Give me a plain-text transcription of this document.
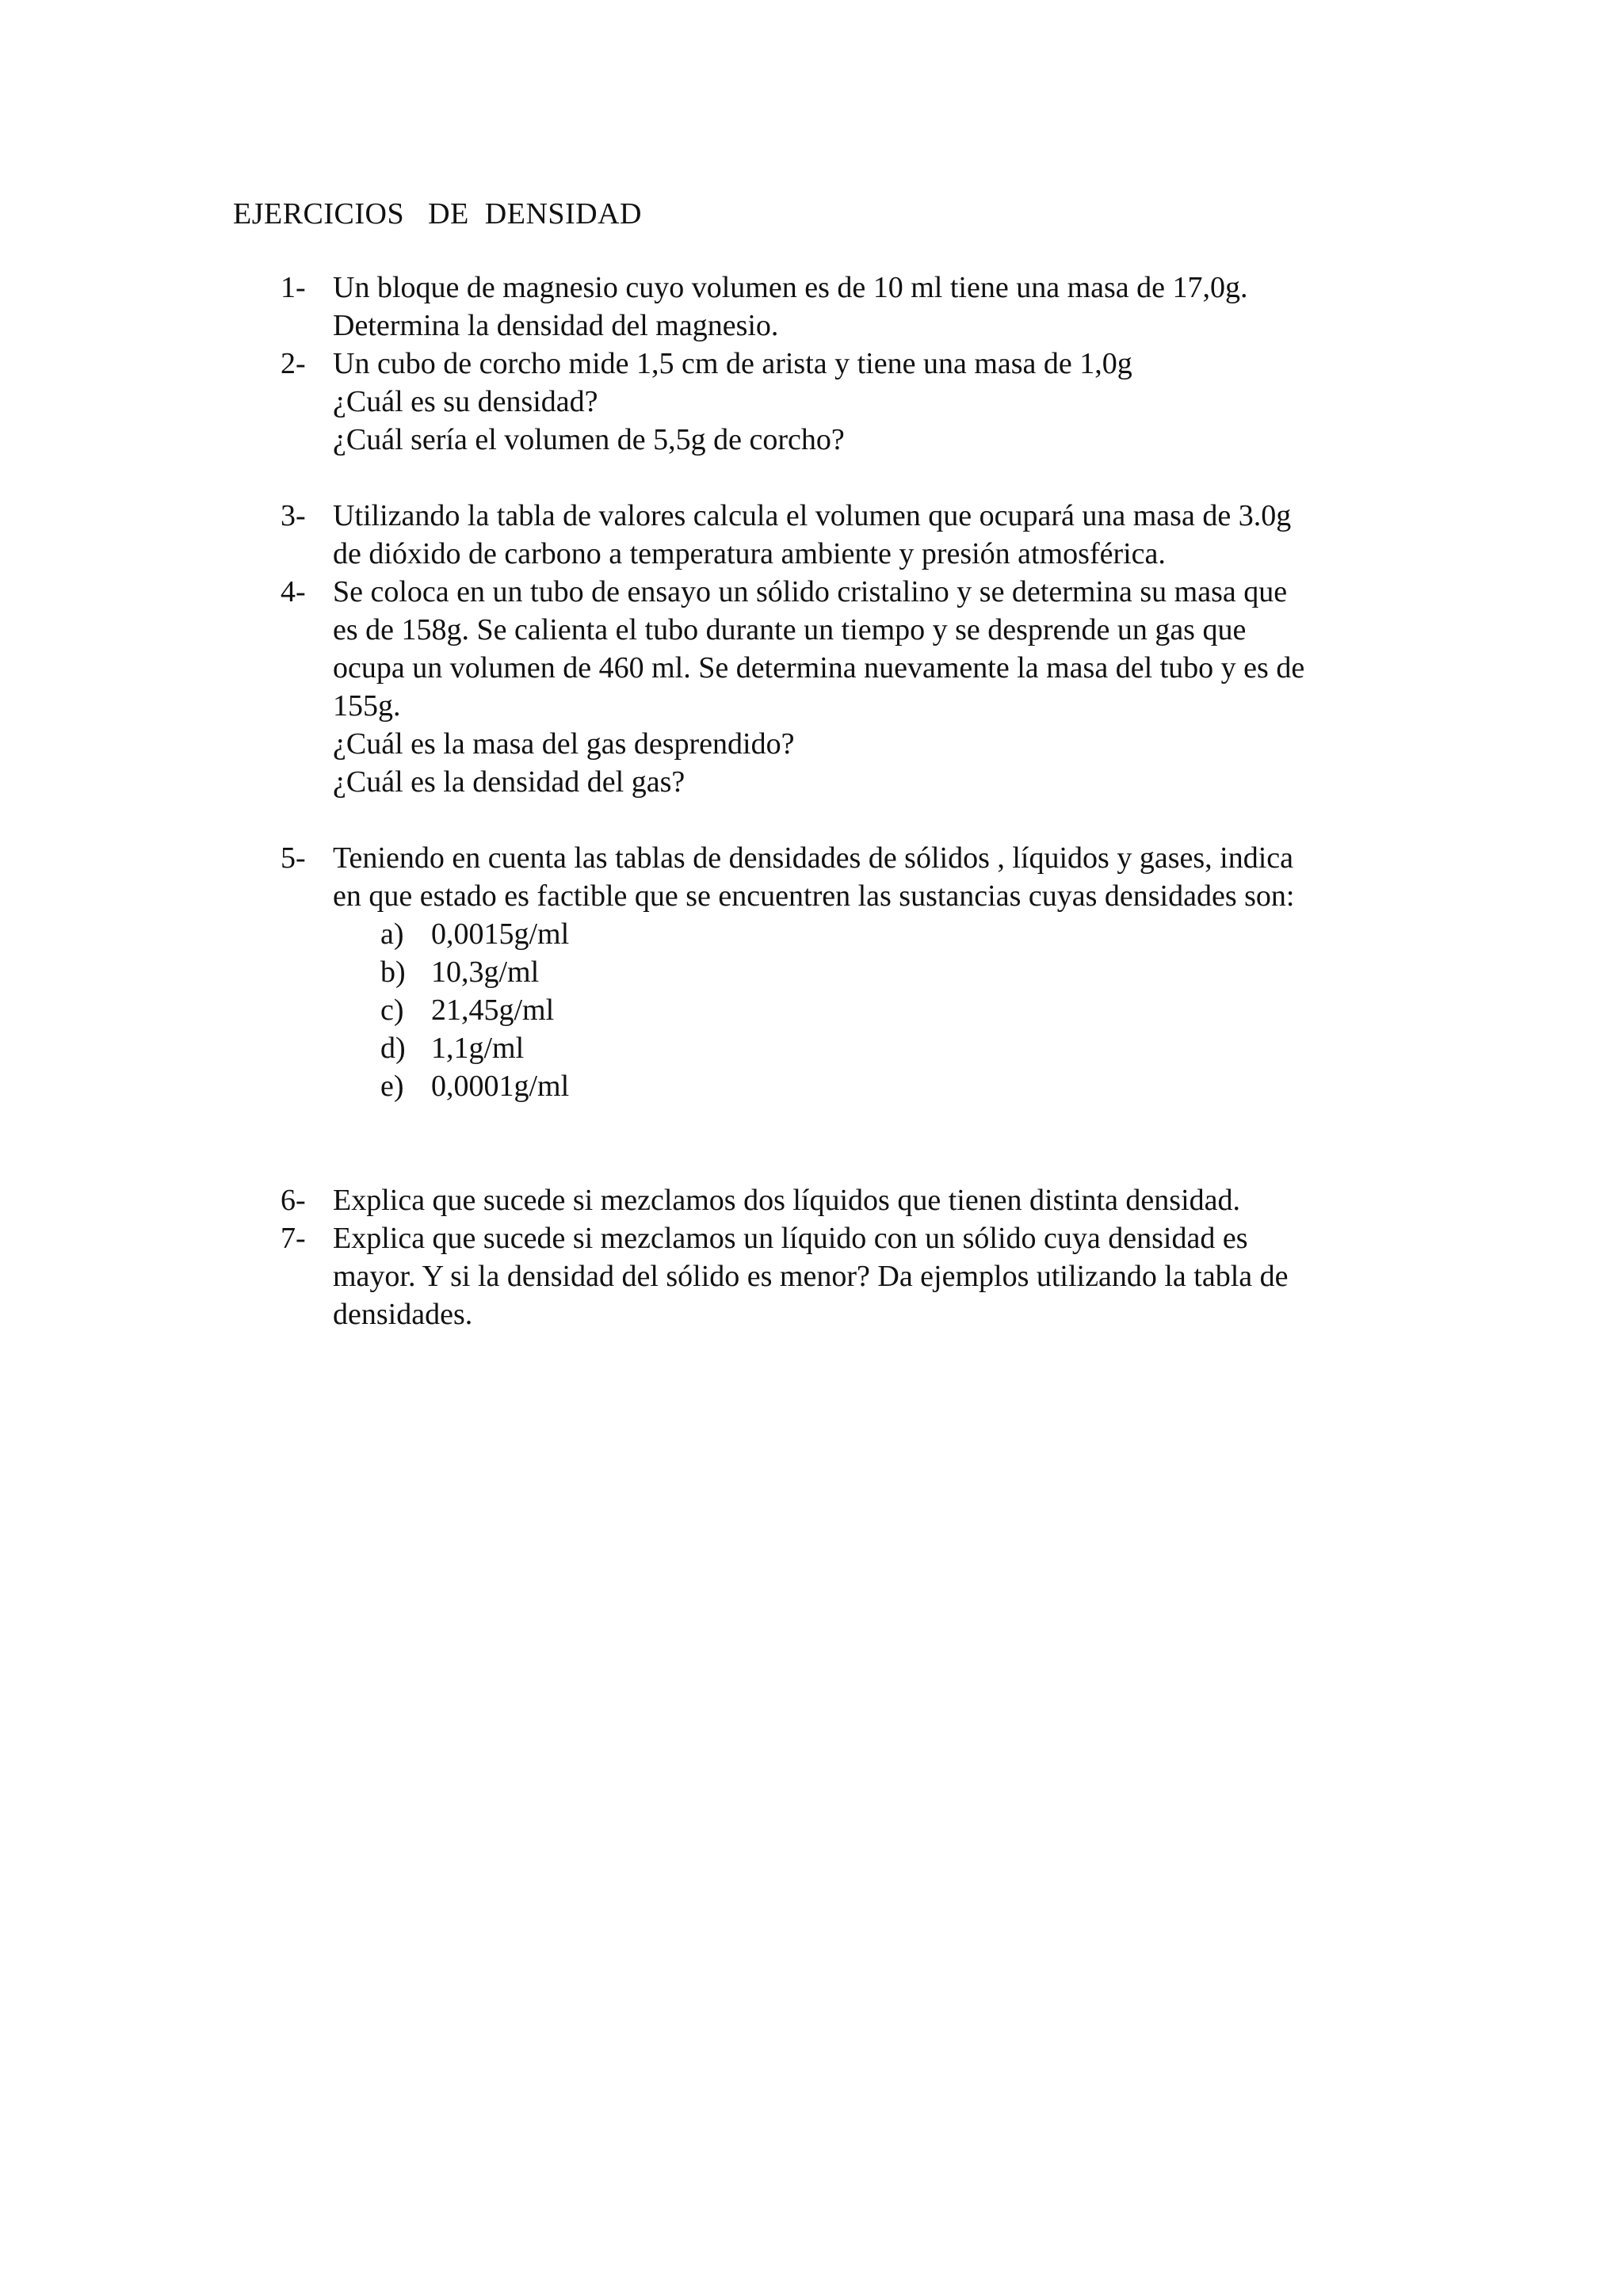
EJERCICIOS   DE  DENSIDAD
1- Un bloque de magnesio cuyo volumen es de 10 ml tiene una masa de 17,0g.
Determina la densidad del magnesio.
2- Un cubo de corcho mide 1,5 cm de arista y tiene una masa de 1,0g
¿Cuál es su densidad?
¿Cuál sería el volumen de 5,5g de corcho?
3- Utilizando la tabla de valores calcula el volumen que ocupará una masa de 3.0g
de dióxido de carbono a temperatura ambiente y presión atmosférica.
4- Se coloca en un tubo de ensayo un sólido cristalino y se determina su masa que
es de 158g. Se calienta el tubo durante un tiempo y se desprende un gas que
ocupa un volumen de 460 ml. Se determina nuevamente la masa del tubo y es de
155g.
¿Cuál es la masa del gas desprendido?
¿Cuál es la densidad del gas?
5- Teniendo en cuenta las tablas de densidades de sólidos , líquidos y gases, indica
en que estado es factible que se encuentren las sustancias cuyas densidades son:
a) 0,0015g/ml
b) 10,3g/ml
c) 21,45g/ml
d) 1,1g/ml
e) 0,0001g/ml
6- Explica que sucede si mezclamos dos líquidos que tienen distinta densidad.
7- Explica que sucede si mezclamos un líquido con un sólido cuya densidad es
mayor. Y si la densidad del sólido es menor? Da ejemplos utilizando la tabla de
densidades.
